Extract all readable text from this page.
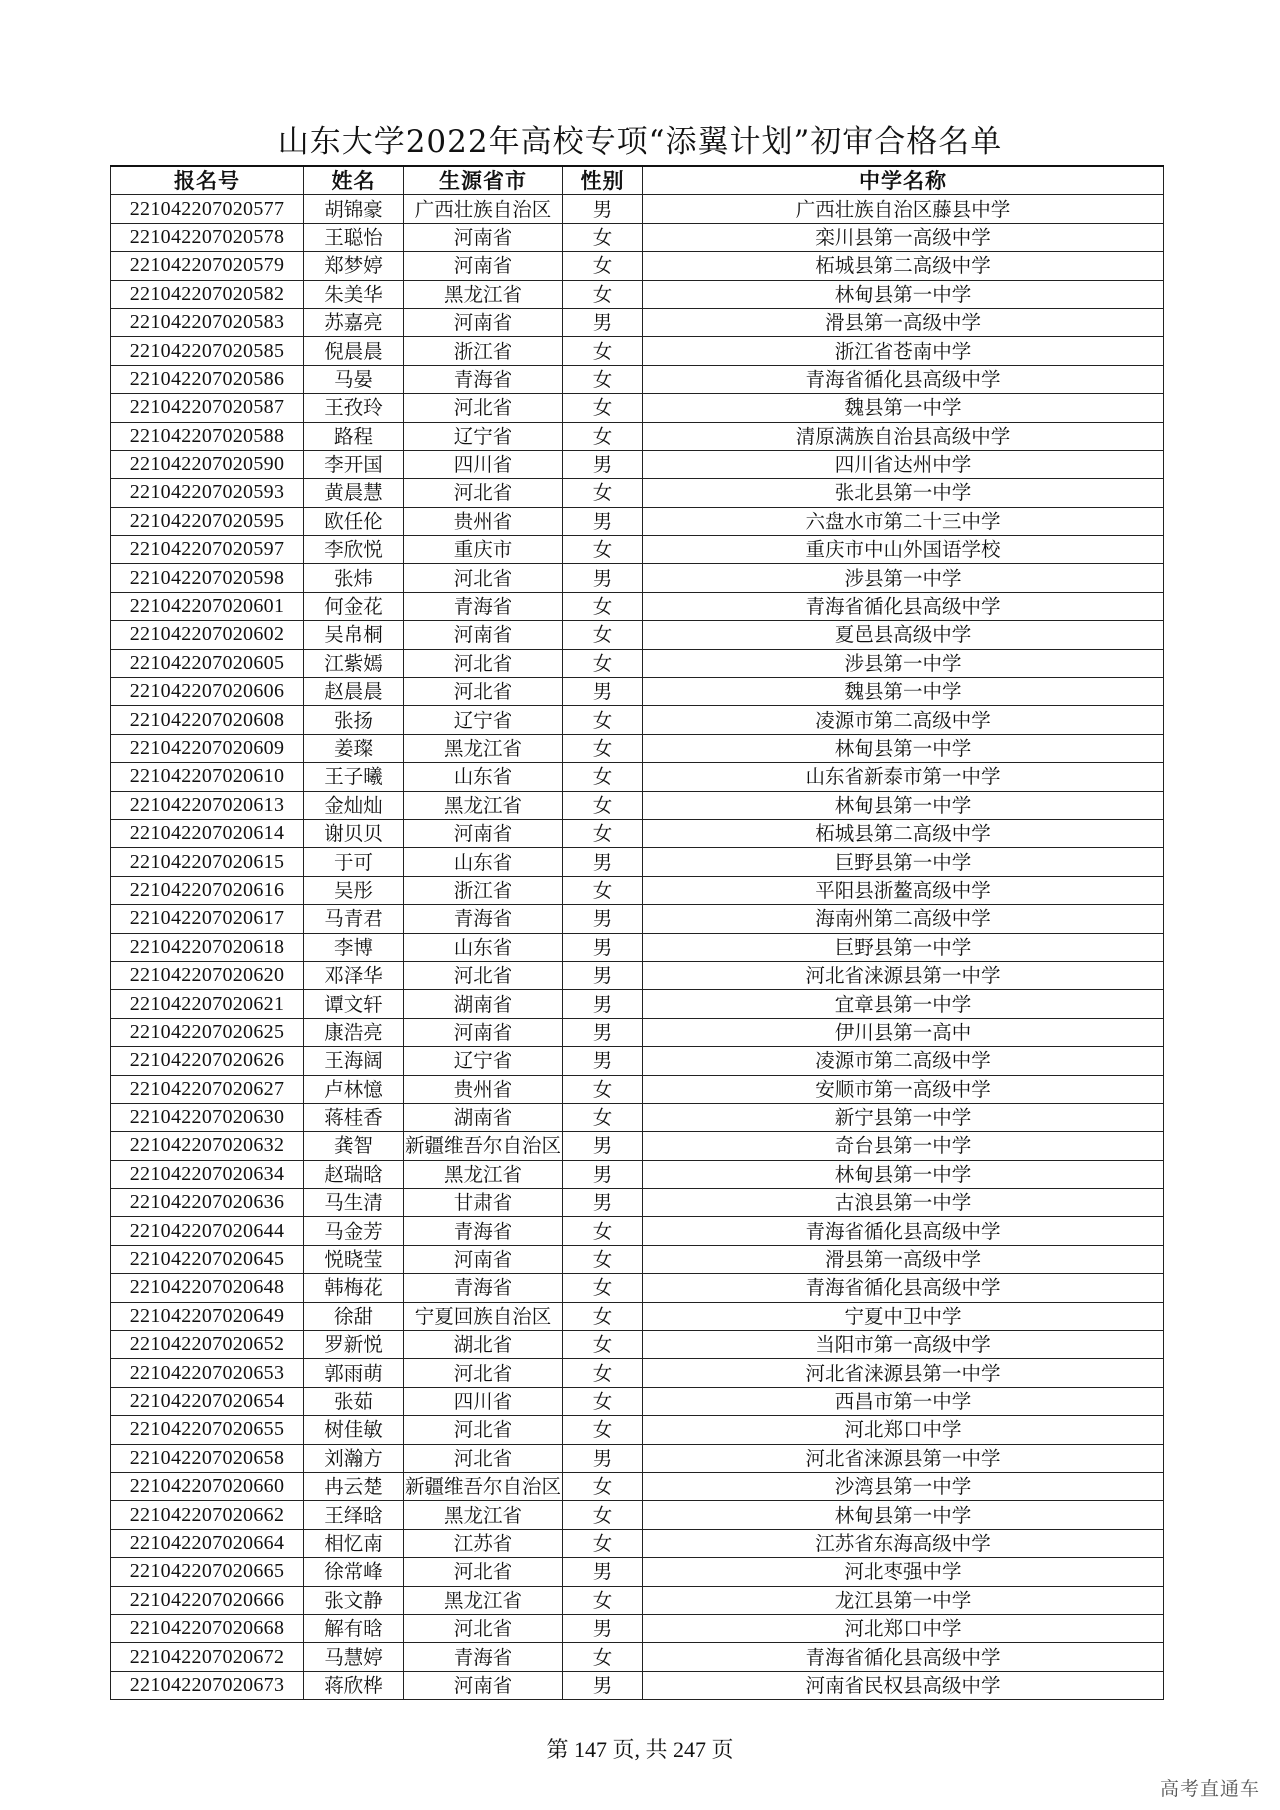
山东大学2022年高校专项“添翼计划”初审合格名单
报名号	姓名	生源省市	性别	中学名称
221042207020577	胡锦豪	广西壮族自治区	男	广西壮族自治区藤县中学
221042207020578	王聪怡	河南省	女	栾川县第一高级中学
221042207020579	郑梦婷	河南省	女	柘城县第二高级中学
221042207020582	朱美华	黑龙江省	女	林甸县第一中学
221042207020583	苏嘉亮	河南省	男	滑县第一高级中学
221042207020585	倪晨晨	浙江省	女	浙江省苍南中学
221042207020586	马晏	青海省	女	青海省循化县高级中学
221042207020587	王孜玲	河北省	女	魏县第一中学
221042207020588	路程	辽宁省	女	清原满族自治县高级中学
221042207020590	李开国	四川省	男	四川省达州中学
221042207020593	黄晨慧	河北省	女	张北县第一中学
221042207020595	欧任伦	贵州省	男	六盘水市第二十三中学
221042207020597	李欣悦	重庆市	女	重庆市中山外国语学校
221042207020598	张炜	河北省	男	涉县第一中学
221042207020601	何金花	青海省	女	青海省循化县高级中学
221042207020602	吴帛桐	河南省	女	夏邑县高级中学
221042207020605	江紫嫣	河北省	女	涉县第一中学
221042207020606	赵晨晨	河北省	男	魏县第一中学
221042207020608	张扬	辽宁省	女	凌源市第二高级中学
221042207020609	姜璨	黑龙江省	女	林甸县第一中学
221042207020610	王子曦	山东省	女	山东省新泰市第一中学
221042207020613	金灿灿	黑龙江省	女	林甸县第一中学
221042207020614	谢贝贝	河南省	女	柘城县第二高级中学
221042207020615	于可	山东省	男	巨野县第一中学
221042207020616	吴彤	浙江省	女	平阳县浙鳌高级中学
221042207020617	马青君	青海省	男	海南州第二高级中学
221042207020618	李博	山东省	男	巨野县第一中学
221042207020620	邓泽华	河北省	男	河北省涞源县第一中学
221042207020621	谭文轩	湖南省	男	宜章县第一中学
221042207020625	康浩亮	河南省	男	伊川县第一高中
221042207020626	王海阔	辽宁省	男	凌源市第二高级中学
221042207020627	卢林憶	贵州省	女	安顺市第一高级中学
221042207020630	蒋桂香	湖南省	女	新宁县第一中学
221042207020632	龚智	新疆维吾尔自治区	男	奇台县第一中学
221042207020634	赵瑞晗	黑龙江省	男	林甸县第一中学
221042207020636	马生清	甘肃省	男	古浪县第一中学
221042207020644	马金芳	青海省	女	青海省循化县高级中学
221042207020645	悦晓莹	河南省	女	滑县第一高级中学
221042207020648	韩梅花	青海省	女	青海省循化县高级中学
221042207020649	徐甜	宁夏回族自治区	女	宁夏中卫中学
221042207020652	罗新悦	湖北省	女	当阳市第一高级中学
221042207020653	郭雨萌	河北省	女	河北省涞源县第一中学
221042207020654	张茹	四川省	女	西昌市第一中学
221042207020655	树佳敏	河北省	女	河北郑口中学
221042207020658	刘瀚方	河北省	男	河北省涞源县第一中学
221042207020660	冉云楚	新疆维吾尔自治区	女	沙湾县第一中学
221042207020662	王绎晗	黑龙江省	女	林甸县第一中学
221042207020664	相忆南	江苏省	女	江苏省东海高级中学
221042207020665	徐常峰	河北省	男	河北枣强中学
221042207020666	张文静	黑龙江省	女	龙江县第一中学
221042207020668	解有晗	河北省	男	河北郑口中学
221042207020672	马慧婷	青海省	女	青海省循化县高级中学
221042207020673	蒋欣桦	河南省	男	河南省民权县高级中学
第 147 页, 共 247 页
高考直通车
